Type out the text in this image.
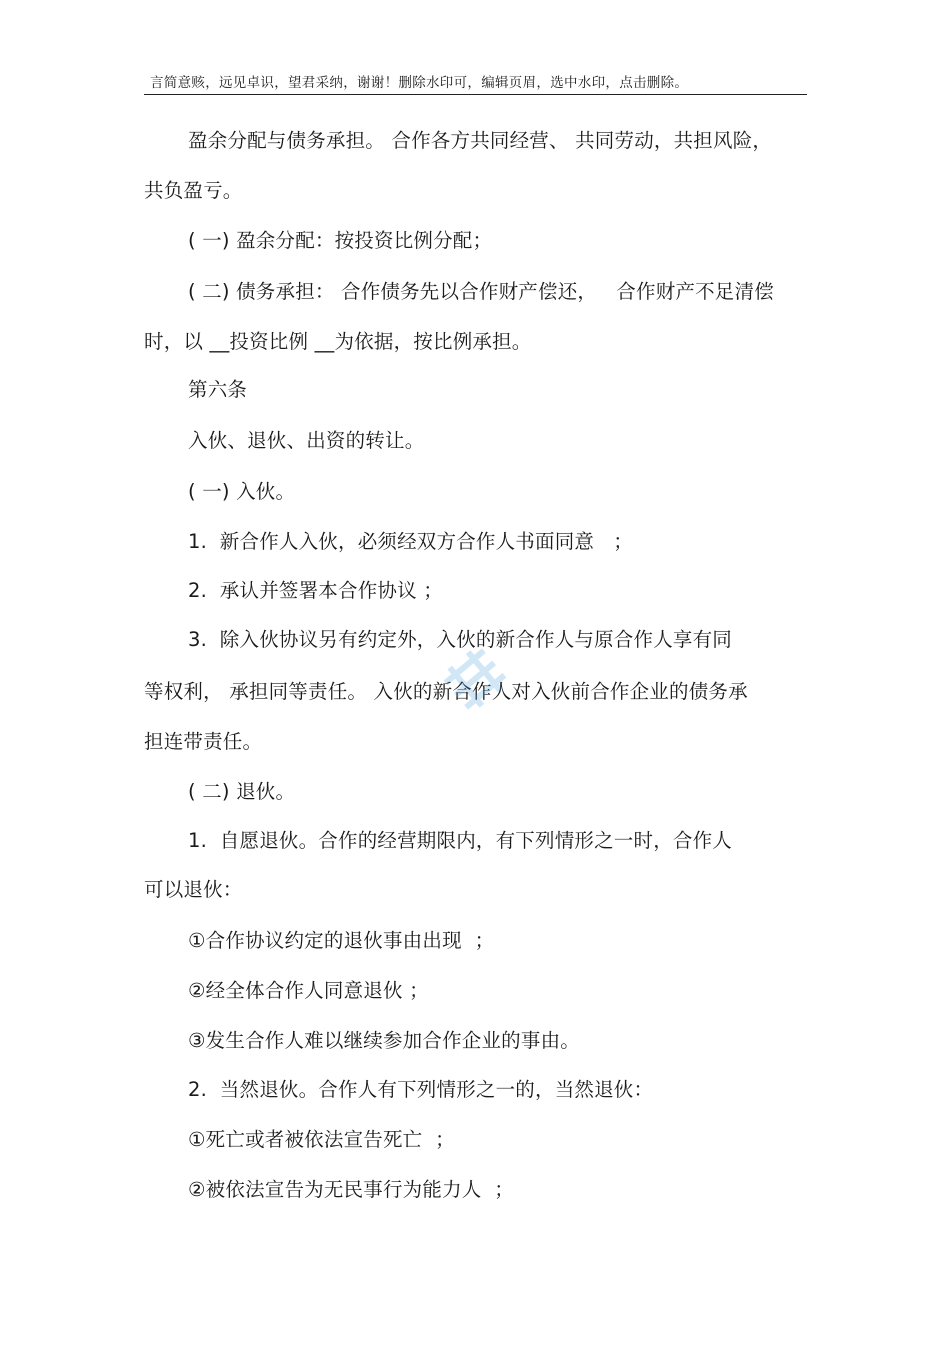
言简意赅，远见卓识，望君采纳，谢谢！删除水印可，编辑页眉，选中水印，点击删除。
盈余分配与债务承担。 合作各方共同经营、 共同劳动，共担风险，
共负盈亏。
( 一) 盈余分配：按投资比例分配；
( 二) 债务承担： 合作债务先以合作财产偿还，   合作财产不足清偿
时，以 __投资比例 __为依据，按比例承担。
第六条
入伙、退伙、出资的转让。
( 一) 入伙。
1.  新合作人入伙，必须经双方合作人书面同意   ；
2.  承认并签署本合作协议 ；
3.  除入伙协议另有约定外，入伙的新合作人与原合作人享有同
等权利， 承担同等责任。 入伙的新合作人对入伙前合作企业的债务承
担连带责任。
( 二) 退伙。
1.  自愿退伙。合作的经营期限内，有下列情形之一时，合作人
可以退伙：
①合作协议约定的退伙事由出现  ；
②经全体合作人同意退伙 ；
③发生合作人难以继续参加合作企业的事由。
2.  当然退伙。合作人有下列情形之一的，当然退伙：
①死亡或者被依法宣告死亡  ；
②被依法宣告为无民事行为能力人  ；
